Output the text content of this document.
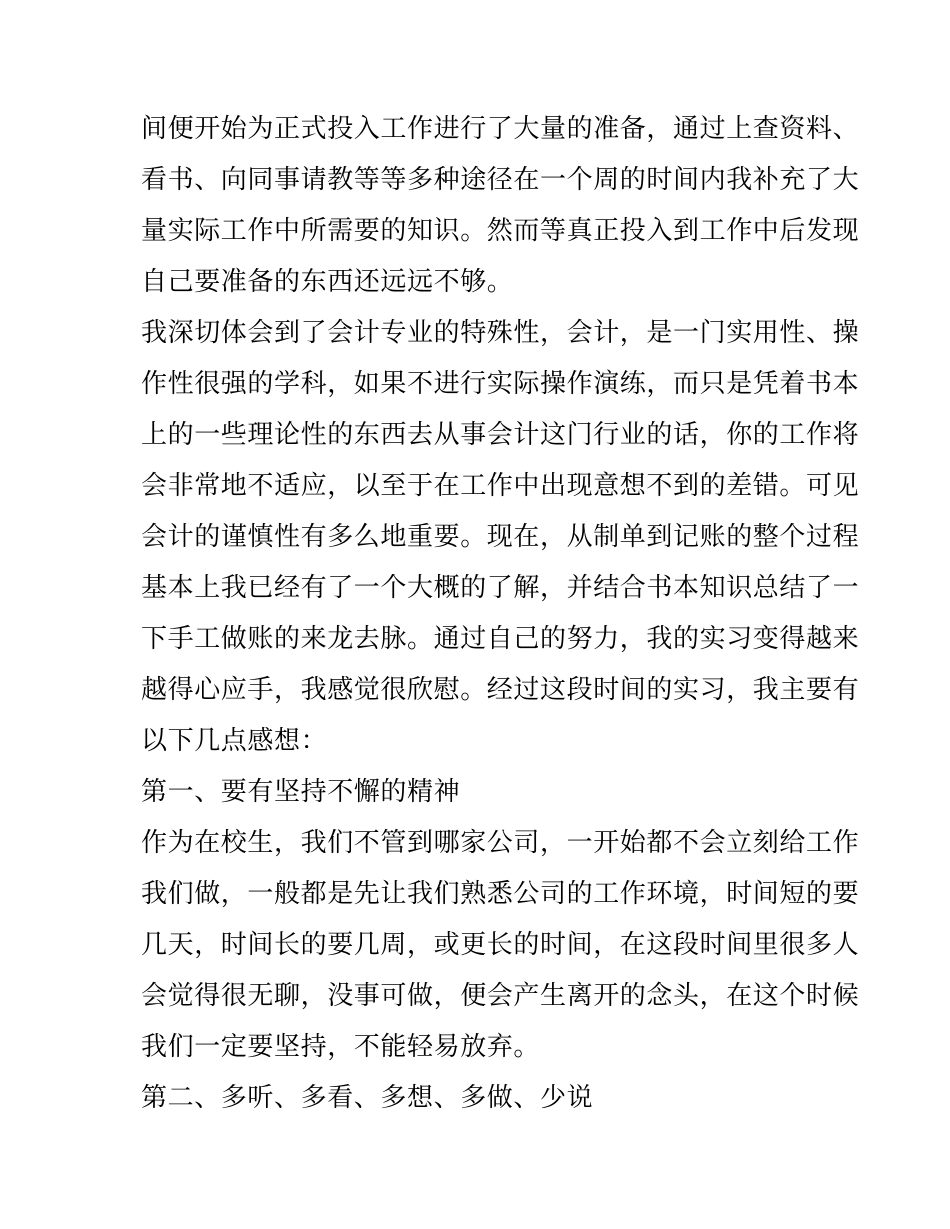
间便开始为正式投入工作进行了大量的准备，通过上查资料、
看书、向同事请教等等多种途径在一个周的时间内我补充了大
量实际工作中所需要的知识。然而等真正投入到工作中后发现
自己要准备的东西还远远不够。
我深切体会到了会计专业的特殊性，会计，是一门实用性、操
作性很强的学科，如果不进行实际操作演练，而只是凭着书本
上的一些理论性的东西去从事会计这门行业的话，你的工作将
会非常地不适应，以至于在工作中出现意想不到的差错。可见
会计的谨慎性有多么地重要。现在，从制单到记账的整个过程
基本上我已经有了一个大概的了解，并结合书本知识总结了一
下手工做账的来龙去脉。通过自己的努力，我的实习变得越来
越得心应手，我感觉很欣慰。经过这段时间的实习，我主要有
以下几点感想：
第一、要有坚持不懈的精神
作为在校生，我们不管到哪家公司，一开始都不会立刻给工作
我们做，一般都是先让我们熟悉公司的工作环境，时间短的要
几天，时间长的要几周，或更长的时间，在这段时间里很多人
会觉得很无聊，没事可做，便会产生离开的念头，在这个时候
我们一定要坚持，不能轻易放弃。
第二、多听、多看、多想、多做、少说
